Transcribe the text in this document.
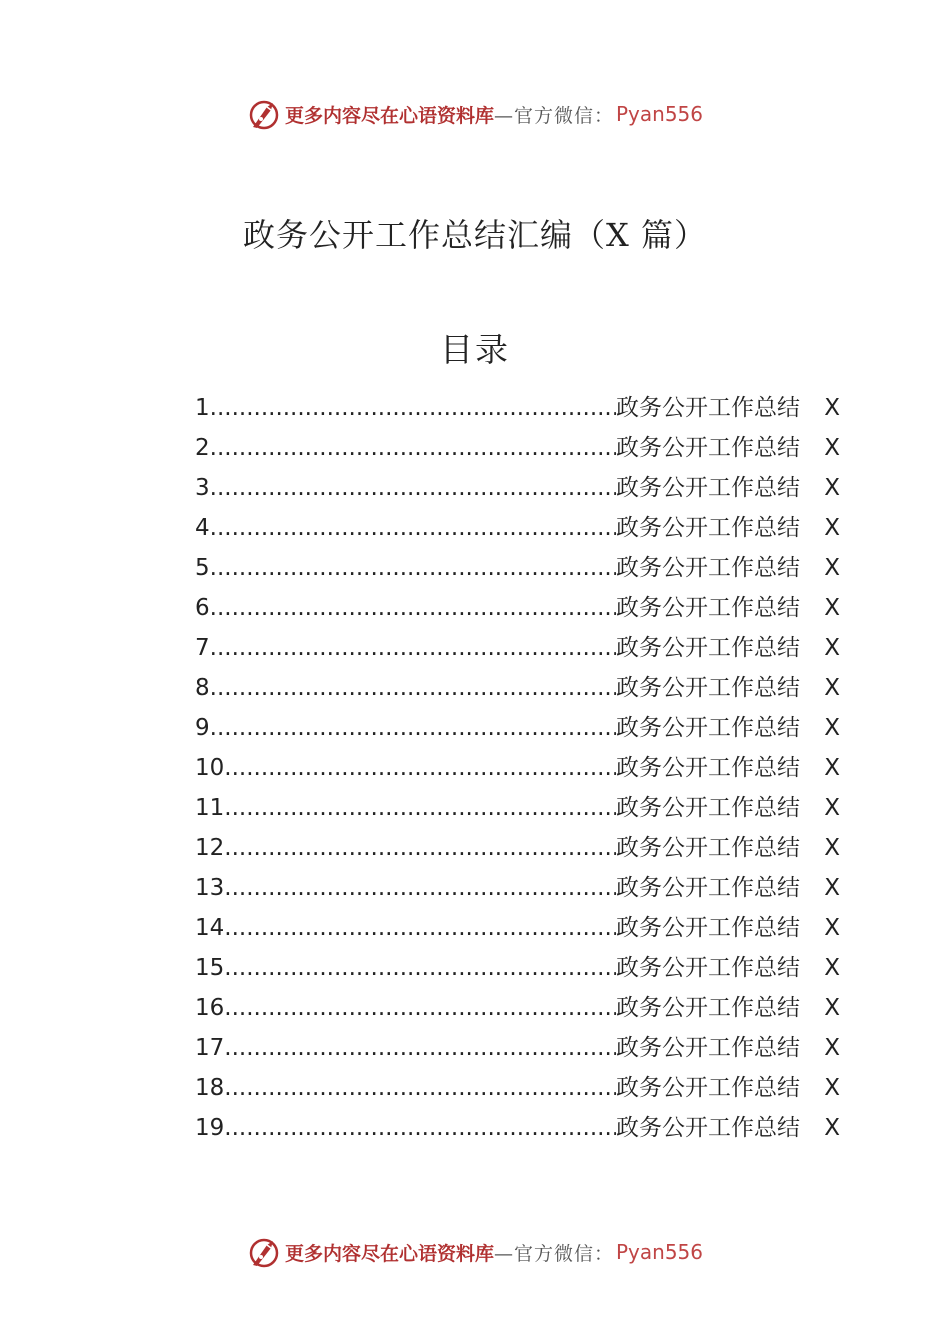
更多内容尽在心语资料库 —官方微信： Pyan556
政务公开工作总结汇编（X 篇）
目录
1 .....	政务公开工作总结	X
2 .....	政务公开工作总结	X
3 .....	政务公开工作总结	X
4 .....	政务公开工作总结	X
5 .....	政务公开工作总结	X
6 .....	政务公开工作总结	X
7 .....	政务公开工作总结	X
8 .....	政务公开工作总结	X
9 .....	政务公开工作总结	X
10 .....	政务公开工作总结	X
11 .....	政务公开工作总结	X
12 .....	政务公开工作总结	X
13 .....	政务公开工作总结	X
14 .....	政务公开工作总结	X
15 .....	政务公开工作总结	X
16 .....	政务公开工作总结	X
17 .....	政务公开工作总结	X
18 .....	政务公开工作总结	X
19 .....	政务公开工作总结	X
更多内容尽在心语资料库 —官方微信： Pyan556
